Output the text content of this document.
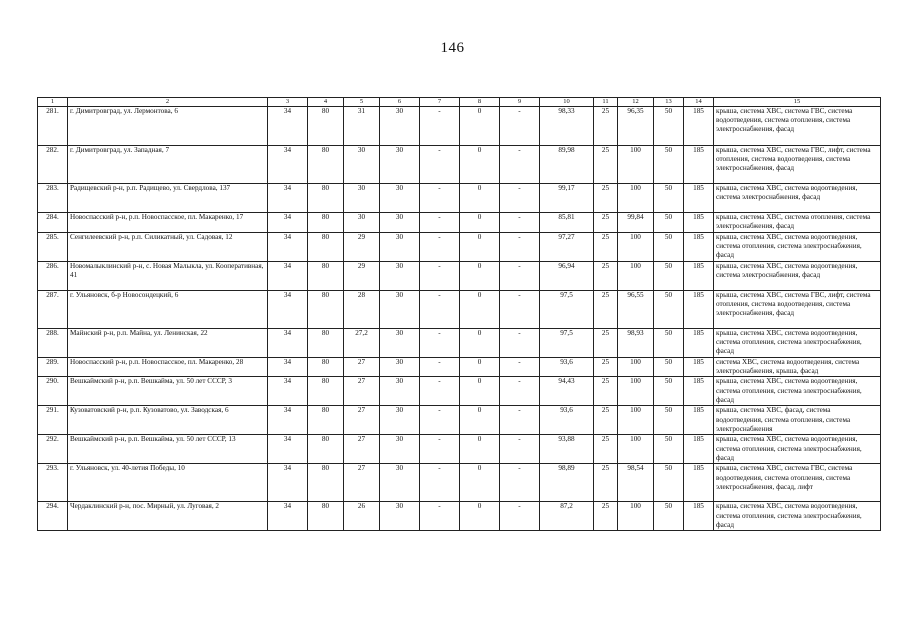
146
1	2	3	4	5	6	7	8	9	10	11	12	13	14	15
281.	г. Димитровград, ул. Лермонтова, 6	34	80	31	30	-	0	-	98,33	25	96,35	50	185	крыша, система ХВС, система ГВС, система водоотведения, система отопления, система электроснабжения, фасад
282.	г. Димитровград, ул. Западная, 7	34	80	30	30	-	0	-	89,98	25	100	50	185	крыша, система ХВС, система ГВС, лифт, система отопления, система водоотведения, система электроснабжения, фасад
283.	Радищевский р-н, р.п. Радищево, ул. Свердлова, 137	34	80	30	30	-	0	-	99,17	25	100	50	185	крыша, система ХВС, система водоотведения, система электроснабжения, фасад
284.	Новоспасский р-н, р.п. Новоспасское, пл. Макаренко, 17	34	80	30	30	-	0	-	85,81	25	99,84	50	185	крыша, система ХВС, система отопления, система электроснабжения, фасад
285.	Сенгилеевский р-н, р.п. Силикатный, ул. Садовая, 12	34	80	29	30	-	0	-	97,27	25	100	50	185	крыша, система ХВС, система водоотведения, система отопления, система электроснабжения, фасад
286.	Новомалыклинский р-н, с. Новая Малыкла, ул. Кооперативная, 41	34	80	29	30	-	0	-	96,94	25	100	50	185	крыша, система ХВС, система водоотведения, система электроснабжения, фасад
287.	г. Ульяновск, б-р Новосондецкий, 6	34	80	28	30	-	0	-	97,5	25	96,55	50	185	крыша, система ХВС, система ГВС, лифт, система отопления, система водоотведения, система электроснабжения, фасад
288.	Майнский р-н, р.п. Майна, ул. Ленинская, 22	34	80	27,2	30	-	0	-	97,5	25	98,93	50	185	крыша, система ХВС, система водоотведения, система отопления, система электроснабжения, фасад
289.	Новоспасский р-н, р.п. Новоспасское, пл. Макаренко, 28	34	80	27	30	-	0	-	93,6	25	100	50	185	система ХВС, система водоотведения, система электроснабжения, крыша, фасад
290.	Вешкаймский р-н, р.п. Вешкайма, ул. 50 лет СССР, 3	34	80	27	30	-	0	-	94,43	25	100	50	185	крыша, система ХВС, система водоотведения, система отопления, система электроснабжения, фасад
291.	Кузоватовский р-н, р.п. Кузоватово, ул. Заводская, 6	34	80	27	30	-	0	-	93,6	25	100	50	185	крыша, система ХВС, фасад, система водоотведения, система отопления, система электроснабжения
292.	Вешкаймский р-н, р.п. Вешкайма, ул. 50 лет СССР, 13	34	80	27	30	-	0	-	93,88	25	100	50	185	крыша, система ХВС, система водоотведения, система отопления, система электроснабжения, фасад
293.	г. Ульяновск, ул. 40-летия Победы, 10	34	80	27	30	-	0	-	98,89	25	98,54	50	185	крыша, система ХВС, система ГВС, система водоотведения, система отопления, система электроснабжения, фасад, лифт
294.	Чердаклинский р-н, пос. Мирный, ул. Луговая, 2	34	80	26	30	-	0	-	87,2	25	100	50	185	крыша, система ХВС, система водоотведения, система отопления, система электроснабжения, фасад
